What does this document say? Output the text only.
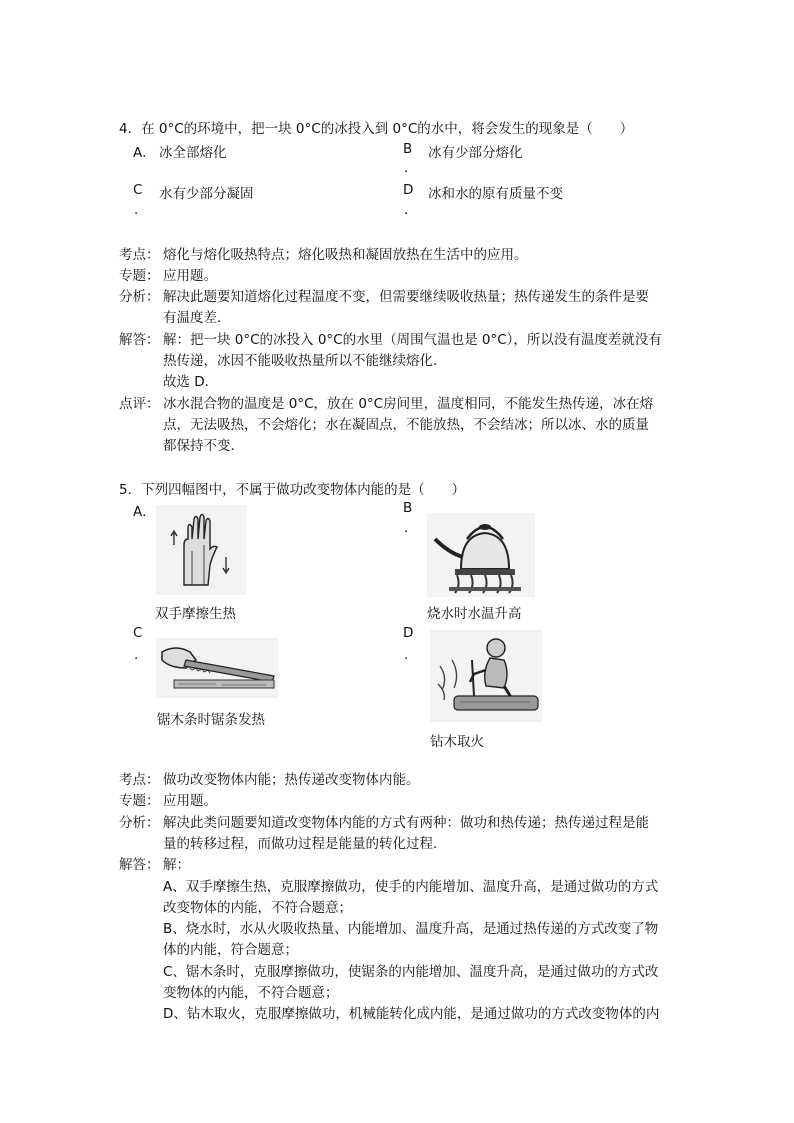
4．在 0°C的环境中，把一块 0°C的冰投入到 0°C的水中，将会发生的现象是（　　）
A． 冰全部熔化	B 冰有少部分熔化
.
C 水有少部分凝固
.
D 冰和水的原有质量不变
.
考点： 熔化与熔化吸热特点；熔化吸热和凝固放热在生活中的应用。
专题： 应用题。
分析： 解决此题要知道熔化过程温度不变，但需要继续吸收热量；热传递发生的条件是要
有温度差．
解答： 解：把一块 0°C的冰投入 0°C的水里（周围气温也是 0°C），所以没有温度差就没有
热传递，冰因不能吸收热量所以不能继续熔化．
故选 D．
点评： 冰水混合物的温度是 0°C，放在 0°C房间里，温度相同，不能发生热传递，冰在熔
点，无法吸热，不会熔化；水在凝固点，不能放热，不会结冰；所以冰、水的质量
都保持不变．
5．下列四幅图中，不属于做功改变物体内能的是（　　）
A．
双手摩擦生热
B
.
烧水时水温升高
C
.
锯木条时锯条发热
D
.
钻木取火
考点： 做功改变物体内能；热传递改变物体内能。
专题： 应用题。
分析： 解决此类问题要知道改变物体内能的方式有两种：做功和热传递；热传递过程是能
量的转移过程，而做功过程是能量的转化过程．
解答： 解：
A、双手摩擦生热，克服摩擦做功，使手的内能增加、温度升高，是通过做功的方式
改变物体的内能，不符合题意；
B、烧水时，水从火吸收热量、内能增加、温度升高，是通过热传递的方式改变了物
体的内能，符合题意；
C、锯木条时，克服摩擦做功，使锯条的内能增加、温度升高，是通过做功的方式改
变物体的内能，不符合题意；
D、钻木取火，克服摩擦做功，机械能转化成内能，是通过做功的方式改变物体的内
